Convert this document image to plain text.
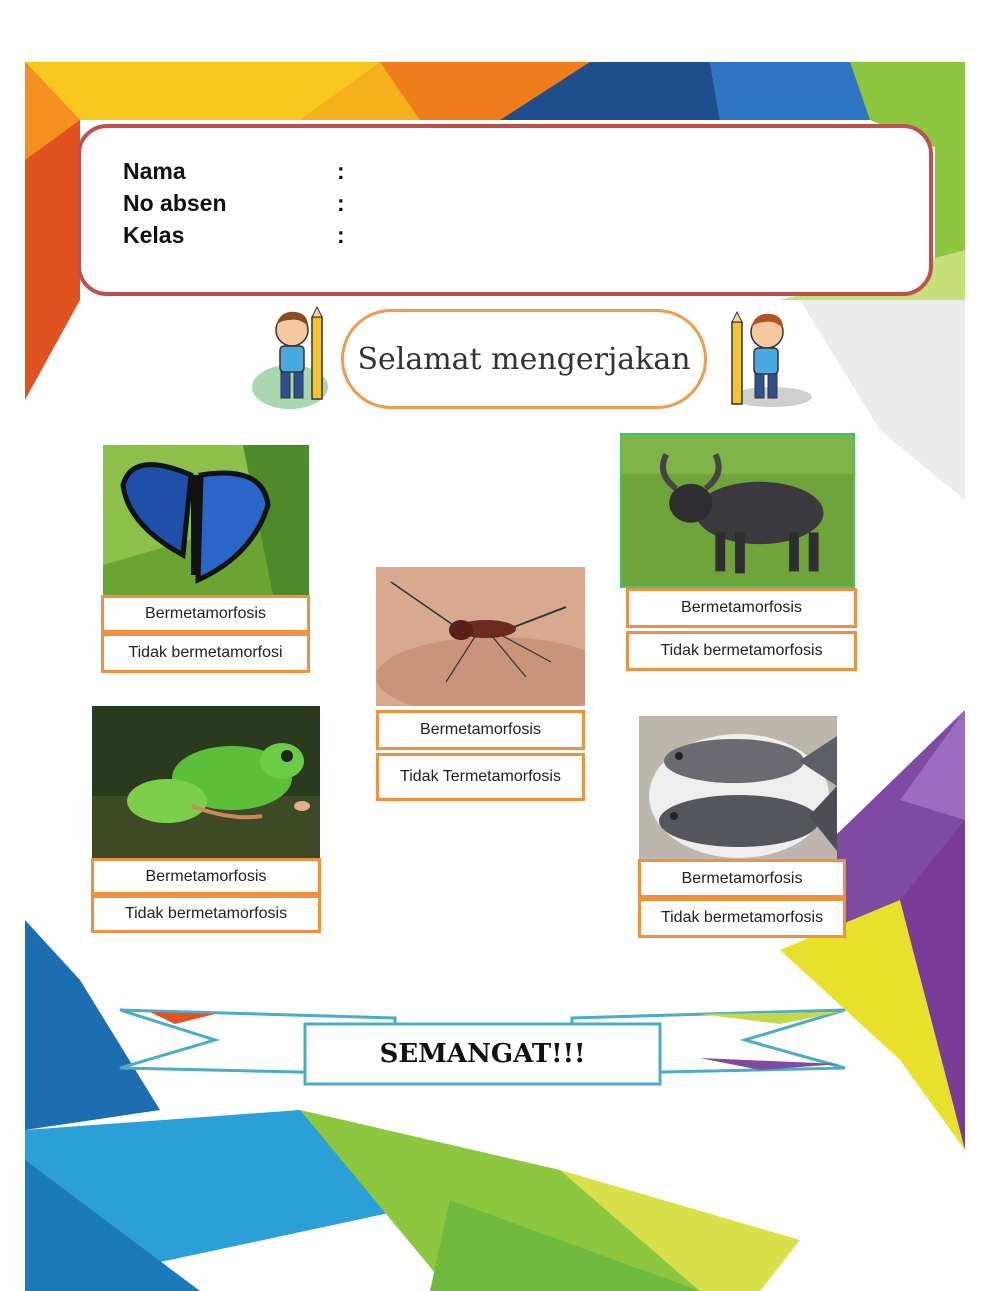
Nama	:
No absen	:
Kelas	:
Selamat mengerjakan
Bermetamorfosis
Tidak bermetamorfosi
Bermetamorfosis
Tidak Termetamorfosis
Bermetamorfosis
Tidak bermetamorfosis
Bermetamorfosis
Tidak bermetamorfosis
Bermetamorfosis
Tidak bermetamorfosis
SEMANGAT!!!
